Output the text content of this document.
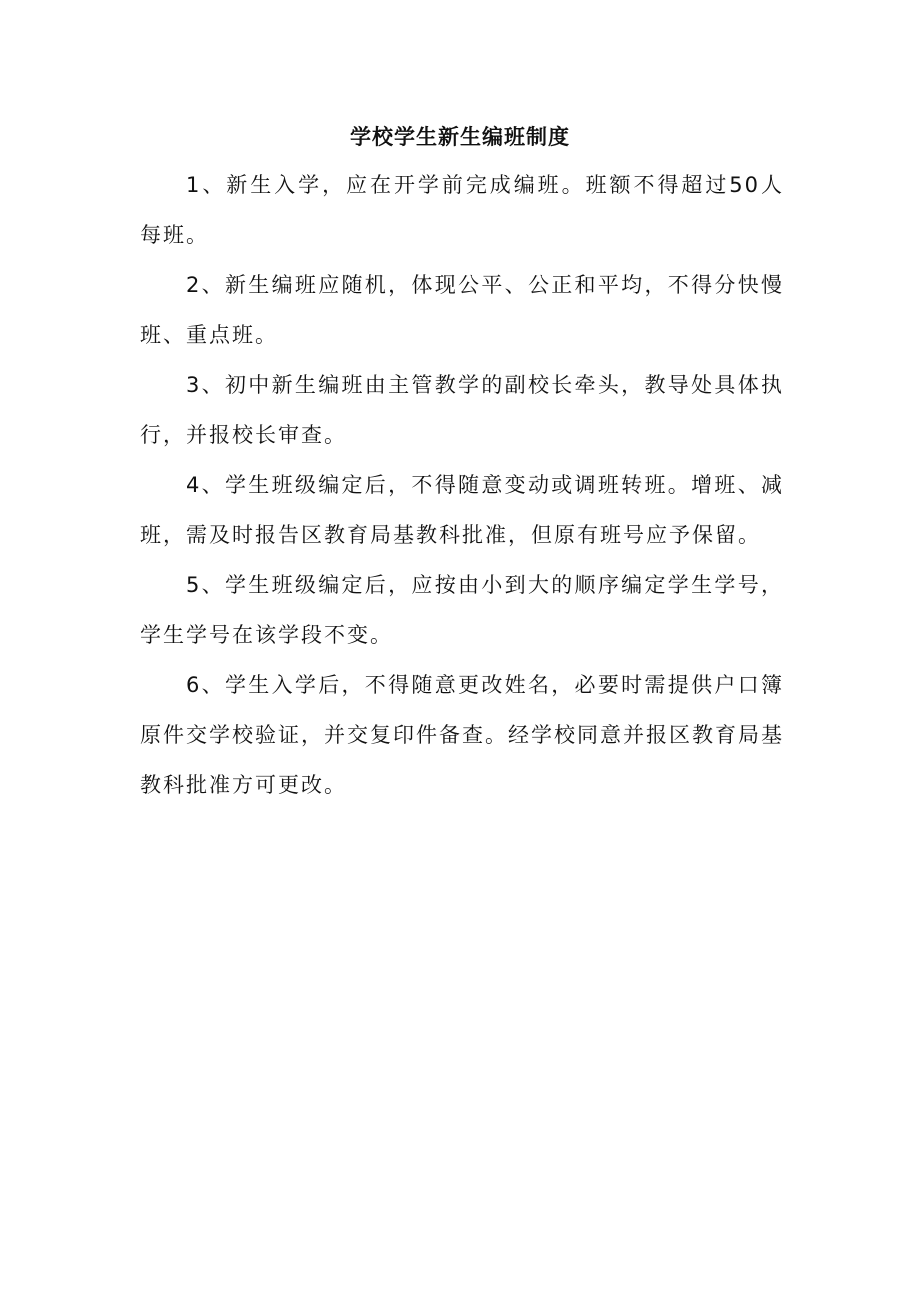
学校学生新生编班制度

1、新生入学，应在开学前完成编班。班额不得超过50人每班。

2、新生编班应随机，体现公平、公正和平均，不得分快慢班、重点班。

3、初中新生编班由主管教学的副校长牵头，教导处具体执行，并报校长审查。

4、学生班级编定后，不得随意变动或调班转班。增班、减班，需及时报告区教育局基教科批准，但原有班号应予保留。

5、学生班级编定后，应按由小到大的顺序编定学生学号，学生学号在该学段不变。

6、学生入学后，不得随意更改姓名，必要时需提供户口簿原件交学校验证，并交复印件备查。经学校同意并报区教育局基教科批准方可更改。
